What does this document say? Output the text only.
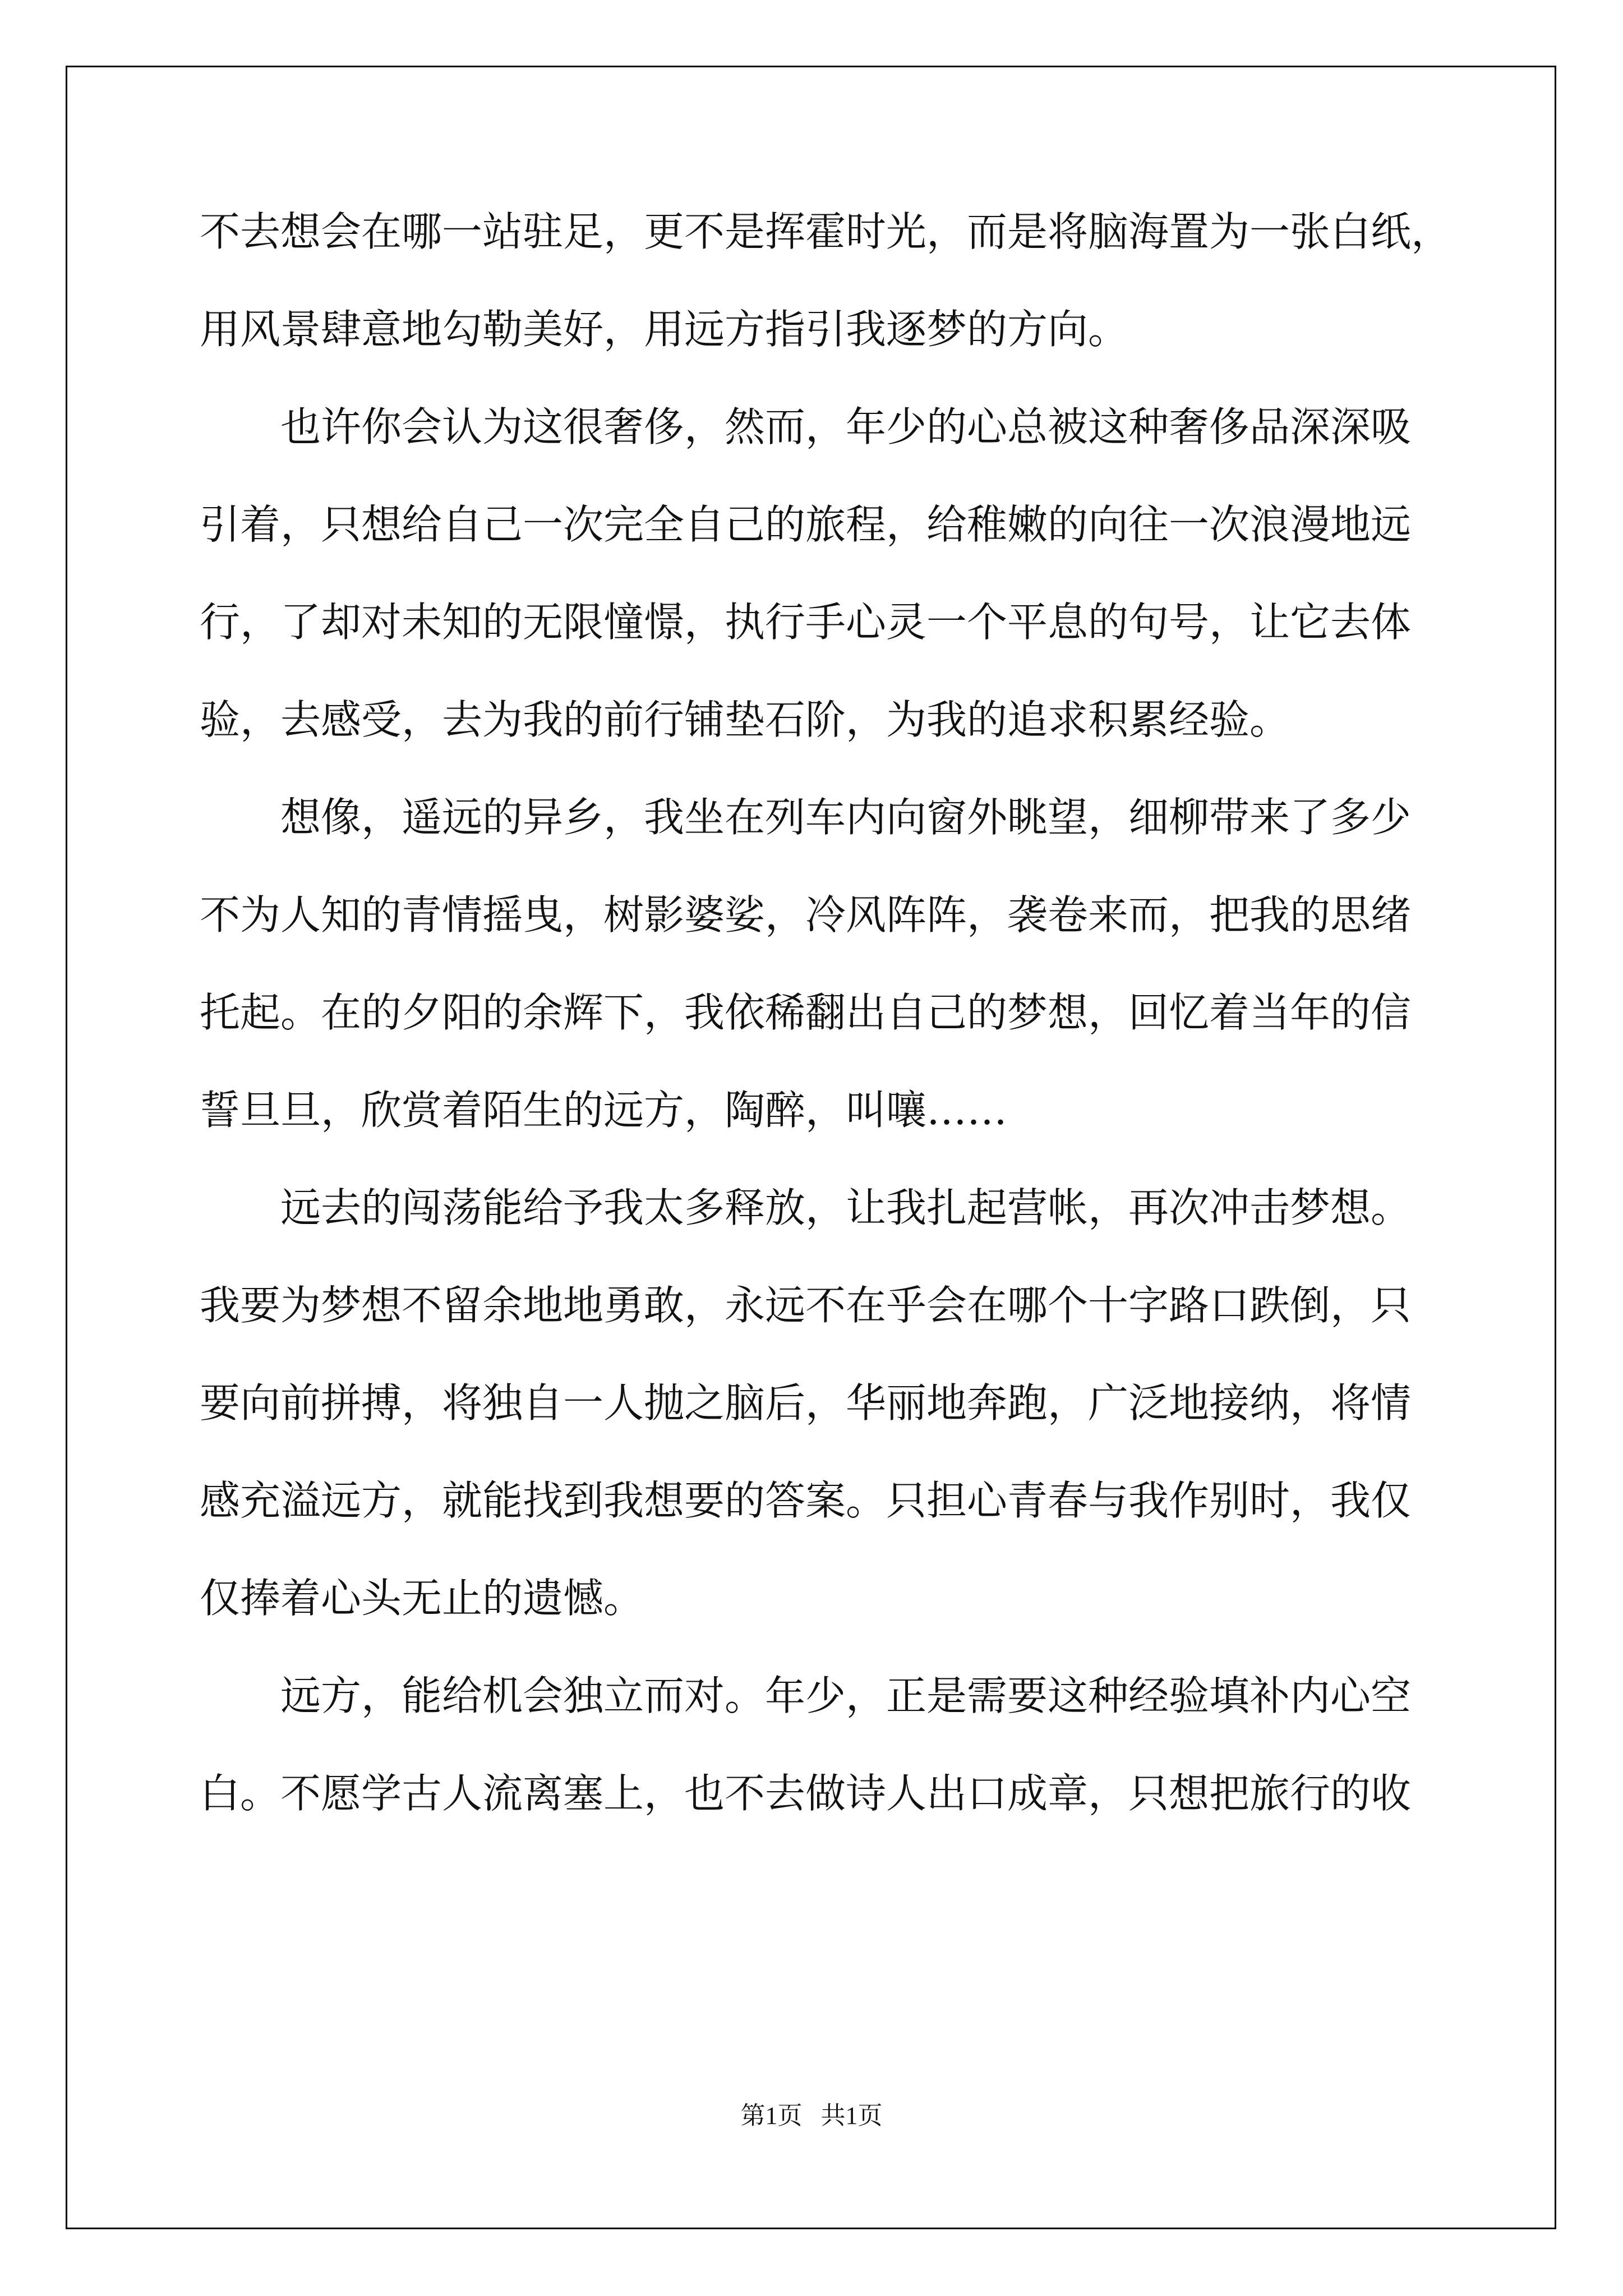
不去想会在哪一站驻足，更不是挥霍时光，而是将脑海置为一张白纸，
用风景肆意地勾勒美好，用远方指引我逐梦的方向。
也许你会认为这很奢侈，然而，年少的心总被这种奢侈品深深吸
引着，只想给自己一次完全自己的旅程，给稚嫩的向往一次浪漫地远
行，了却对未知的无限憧憬，执行手心灵一个平息的句号，让它去体
验，去感受，去为我的前行铺垫石阶，为我的追求积累经验。
想像，遥远的异乡，我坐在列车内向窗外眺望，细柳带来了多少
不为人知的青情摇曳，树影婆娑，冷风阵阵，袭卷来而，把我的思绪
托起。在的夕阳的余辉下，我依稀翻出自己的梦想，回忆着当年的信
誓旦旦，欣赏着陌生的远方，陶醉，叫嚷……
远去的闯荡能给予我太多释放，让我扎起营帐，再次冲击梦想。
我要为梦想不留余地地勇敢，永远不在乎会在哪个十字路口跌倒，只
要向前拼搏，将独自一人抛之脑后，华丽地奔跑，广泛地接纳，将情
感充溢远方，就能找到我想要的答案。只担心青春与我作别时，我仅
仅捧着心头无止的遗憾。
远方，能给机会独立而对。年少，正是需要这种经验填补内心空
白。不愿学古人流离塞上，也不去做诗人出口成章，只想把旅行的收
第1页   共1页
